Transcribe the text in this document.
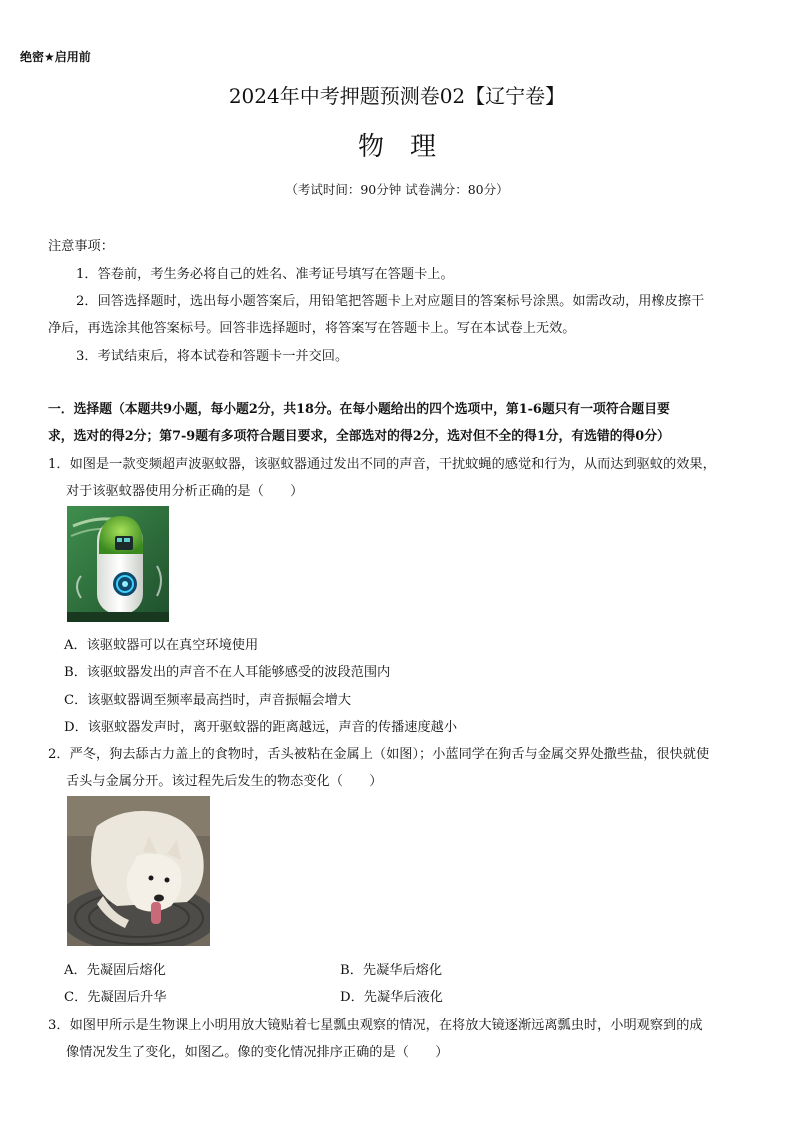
绝密★启用前
2024年中考押题预测卷02【辽宁卷】
物理
（考试时间：90分钟 试卷满分：80分）
注意事项：
1．答卷前，考生务必将自己的姓名、准考证号填写在答题卡上。
2．回答选择题时，选出每小题答案后，用铅笔把答题卡上对应题目的答案标号涂黑。如需改动，用橡皮擦干
净后，再选涂其他答案标号。回答非选择题时，将答案写在答题卡上。写在本试卷上无效。
3．考试结束后，将本试卷和答题卡一并交回。
一．选择题（本题共9小题，每小题2分，共18分。在每小题给出的四个选项中，第1-6题只有一项符合题目要
求，选对的得2分；第7-9题有多项符合题目要求，全部选对的得2分，选对但不全的得1分，有选错的得0分）
1．如图是一款变频超声波驱蚊器，该驱蚊器通过发出不同的声音，干扰蚊蝇的感觉和行为，从而达到驱蚊的效果，
对于该驱蚊器使用分析正确的是（　　）
A．该驱蚊器可以在真空环境使用
B．该驱蚊器发出的声音不在人耳能够感受的波段范围内
C．该驱蚊器调至频率最高挡时，声音振幅会增大
D．该驱蚊器发声时，离开驱蚊器的距离越远，声音的传播速度越小
2．严冬，狗去舔古力盖上的食物时，舌头被粘在金属上（如图）；小蓝同学在狗舌与金属交界处撒些盐，很快就使
舌头与金属分开。该过程先后发生的物态变化（　　）
A．先凝固后熔化	B．先凝华后熔化
C．先凝固后升华	D．先凝华后液化
3．如图甲所示是生物课上小明用放大镜贴着七星瓢虫观察的情况，在将放大镜逐渐远离瓢虫时，小明观察到的成
像情况发生了变化，如图乙。像的变化情况排序正确的是（　　）
